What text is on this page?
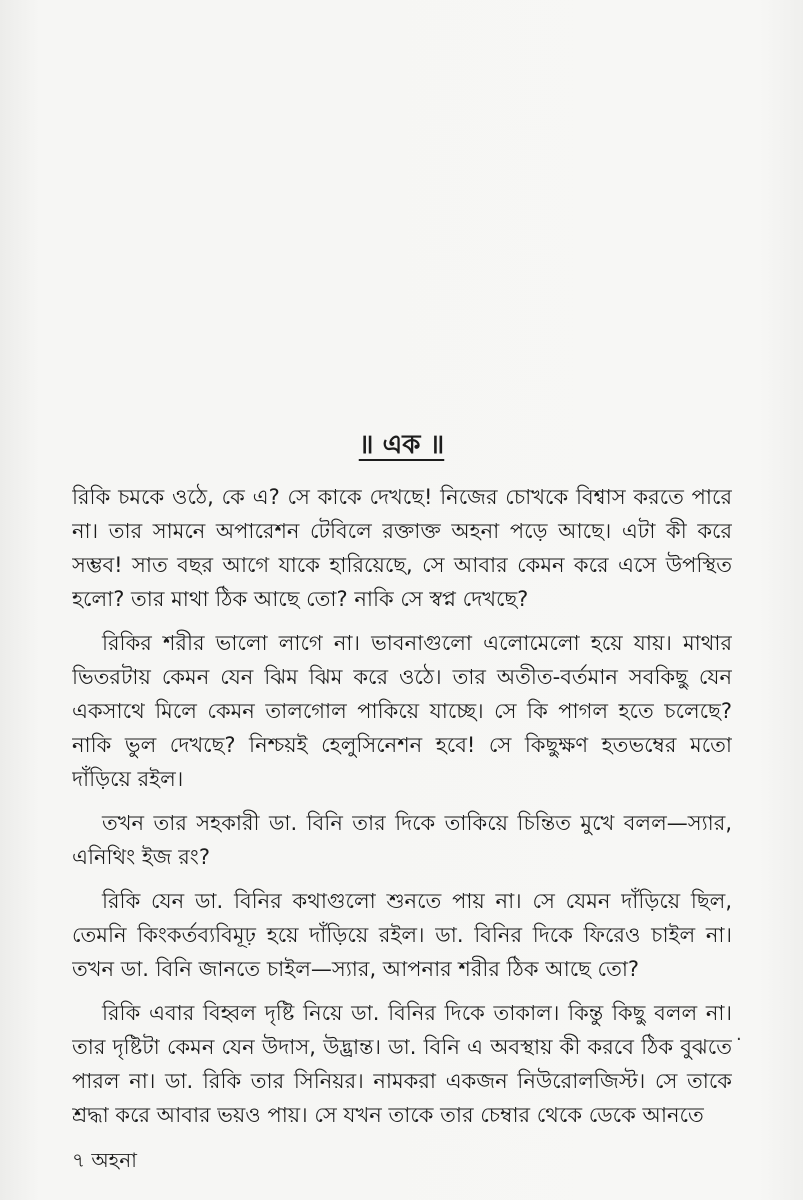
॥ এক ॥

রিকি চমকে ওঠে, কে এ? সে কাকে দেখছে! নিজের চোখকে বিশ্বাস করতে পারে
না। তার সামনে অপারেশন টেবিলে রক্তাক্ত অহনা পড়ে আছে। এটা কী করে
সম্ভব! সাত বছর আগে যাকে হারিয়েছে, সে আবার কেমন করে এসে উপস্থিত
হলো? তার মাথা ঠিক আছে তো? নাকি সে স্বপ্ন দেখছে?

রিকির শরীর ভালো লাগে না। ভাবনাগুলো এলোমেলো হয়ে যায়। মাথার
ভিতরটায় কেমন যেন ঝিম ঝিম করে ওঠে। তার অতীত-বর্তমান সবকিছু যেন
একসাথে মিলে কেমন তালগোল পাকিয়ে যাচ্ছে। সে কি পাগল হতে চলেছে?
নাকি ভুল দেখছে? নিশ্চয়ই হেলুসিনেশন হবে! সে কিছুক্ষণ হতভম্বের মতো
দাঁড়িয়ে রইল।

তখন তার সহকারী ডা. বিনি তার দিকে তাকিয়ে চিন্তিত মুখে বলল—স্যার,
এনিথিং ইজ রং?

রিকি যেন ডা. বিনির কথাগুলো শুনতে পায় না। সে যেমন দাঁড়িয়ে ছিল,
তেমনি কিংকর্তব্যবিমূঢ় হয়ে দাঁড়িয়ে রইল। ডা. বিনির দিকে ফিরেও চাইল না।
তখন ডা. বিনি জানতে চাইল—স্যার, আপনার শরীর ঠিক আছে তো?

রিকি এবার বিহ্বল দৃষ্টি নিয়ে ডা. বিনির দিকে তাকাল। কিন্তু কিছু বলল না।
তার দৃষ্টিটা কেমন যেন উদাস, উদ্ভ্রান্ত। ডা. বিনি এ অবস্থায় কী করবে ঠিক বুঝতে
পারল না। ডা. রিকি তার সিনিয়র। নামকরা একজন নিউরোলজিস্ট। সে তাকে
শ্রদ্ধা করে আবার ভয়ও পায়। সে যখন তাকে তার চেম্বার থেকে ডেকে আনতে

.
৭ অহনা
